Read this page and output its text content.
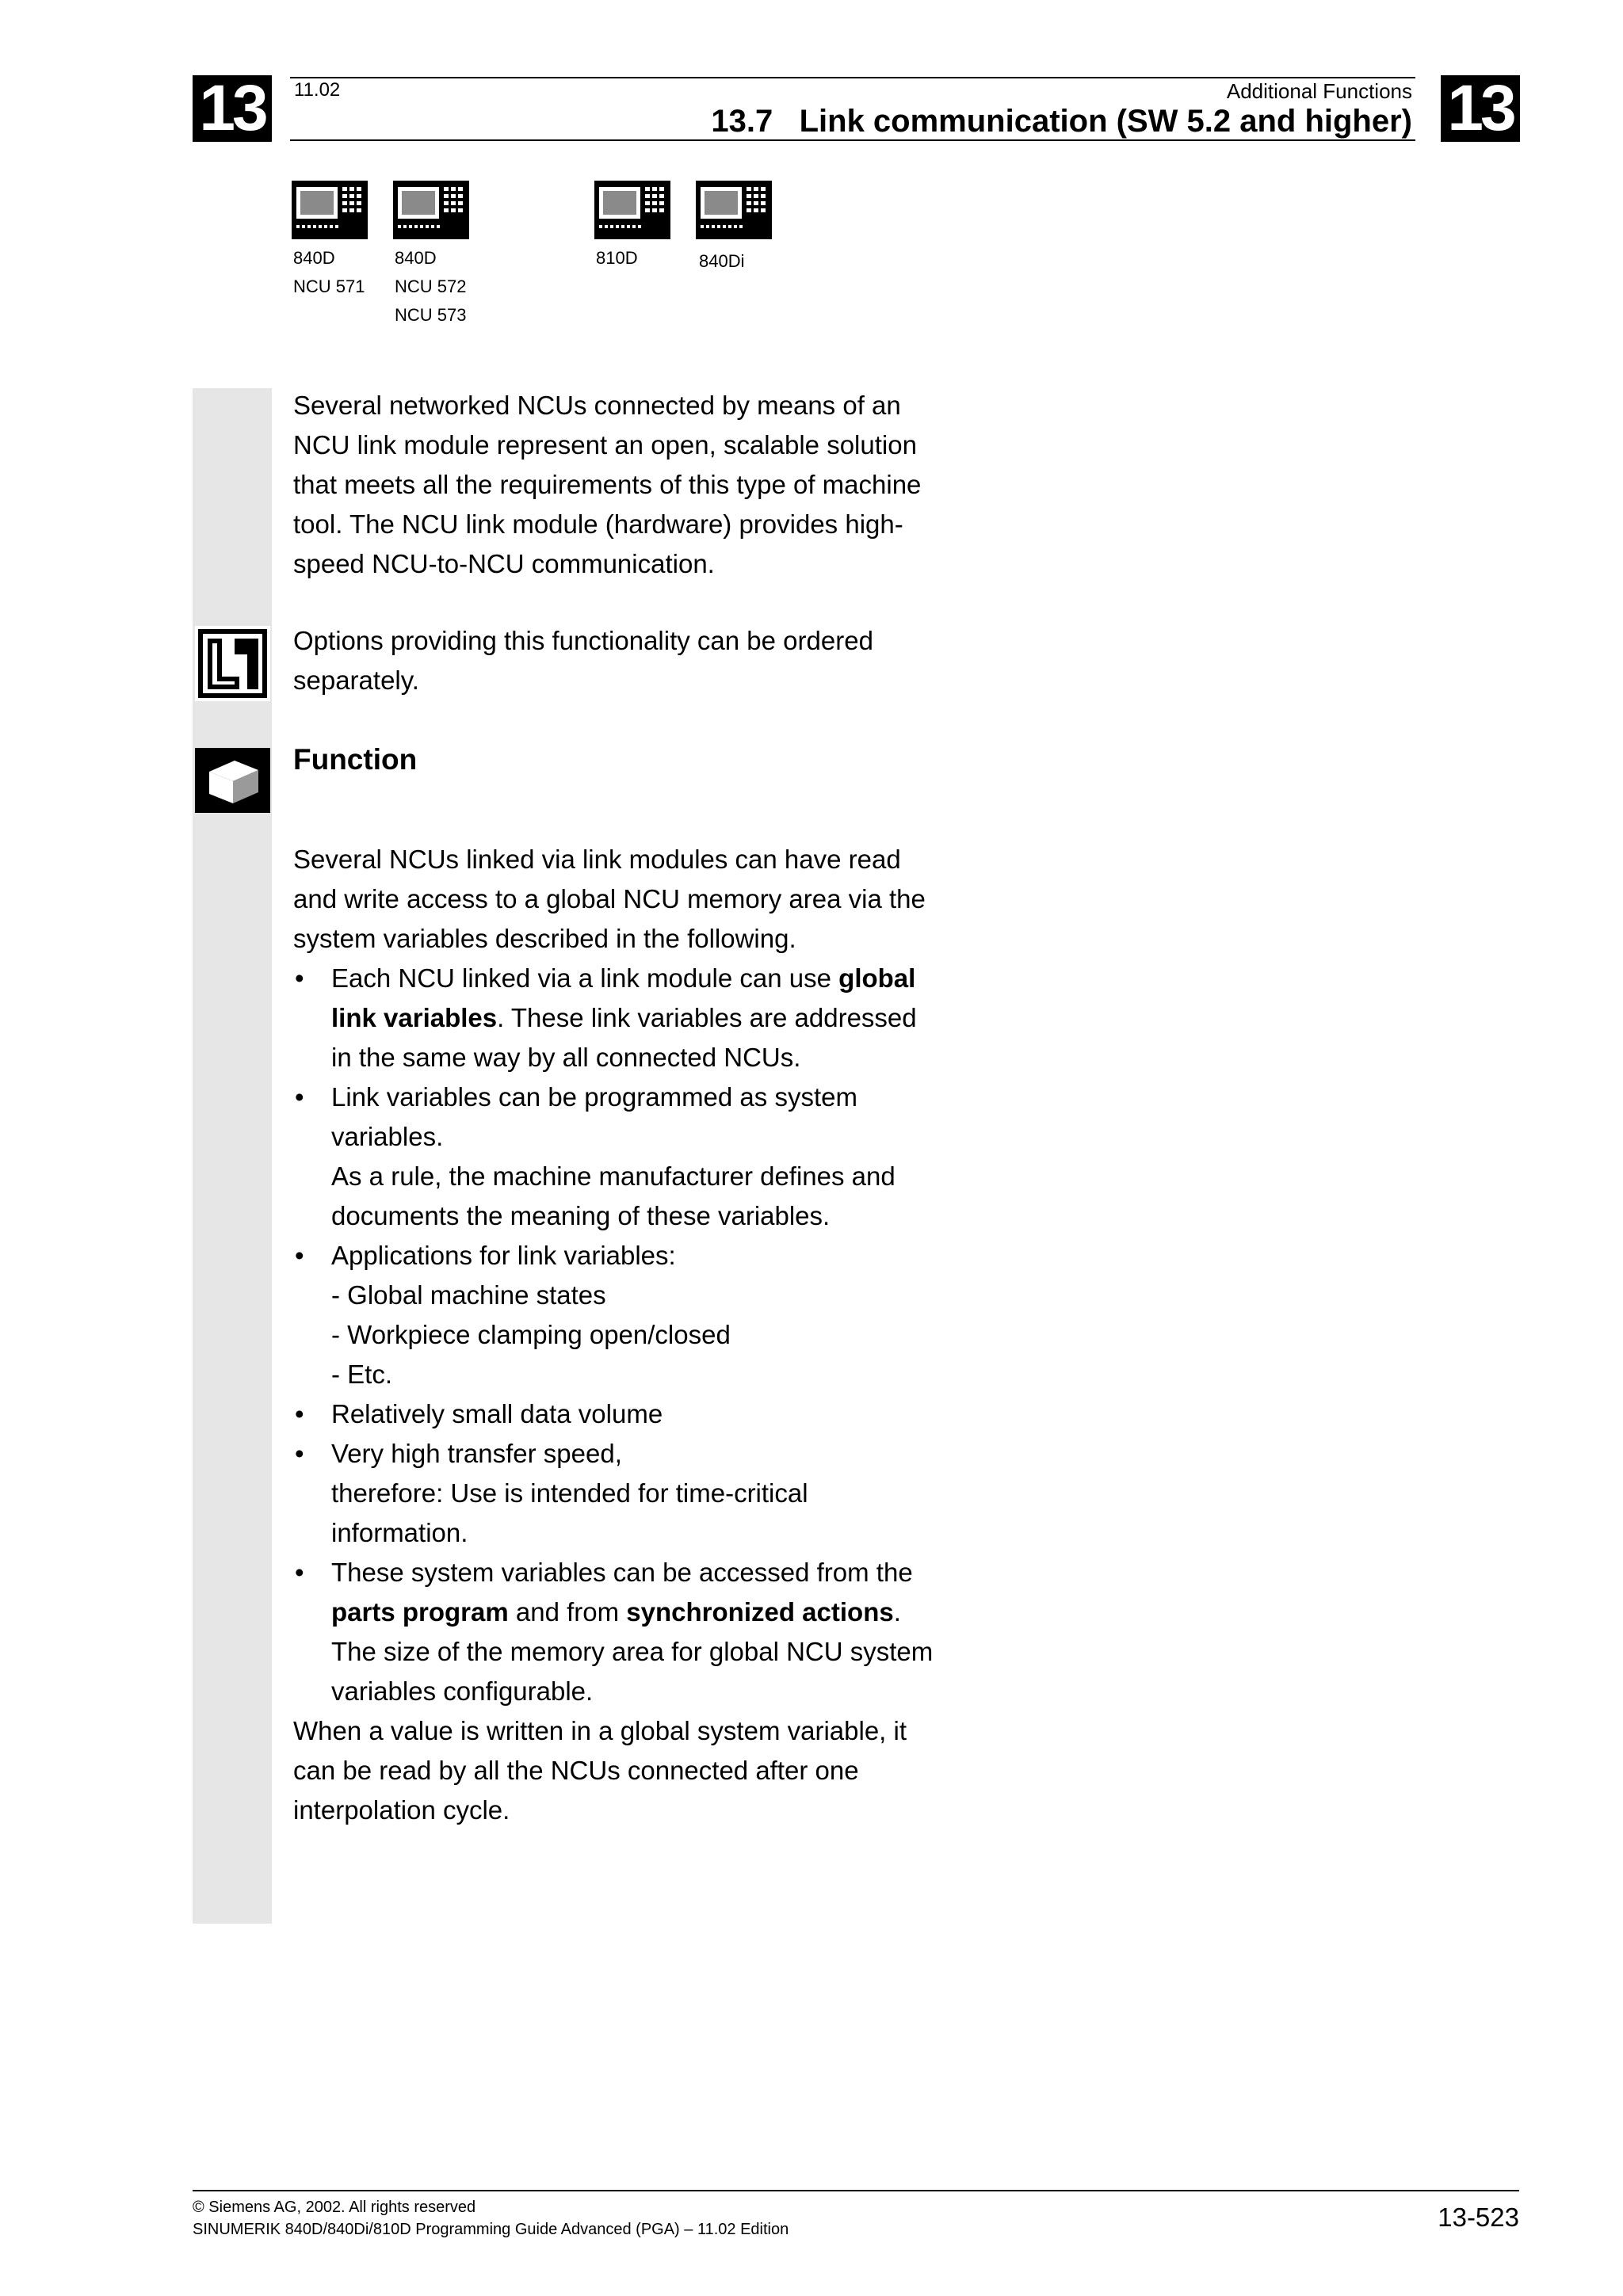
13	13
11.02	Additional Functions
13.7 Link communication (SW 5.2 and higher)
840D
NCU 571
840D
NCU 572
NCU 573
810D	840Di

Several networked NCUs connected by means of an NCU link module represent an open, scalable solution that meets all the requirements of this type of machine tool. The NCU link module (hardware) provides high-speed NCU-to-NCU communication.

Options providing this functionality can be ordered separately.

Function

Several NCUs linked via link modules can have read and write access to a global NCU memory area via the system variables described in the following.

• Each NCU linked via a link module can use global link variables. These link variables are addressed in the same way by all connected NCUs.
• Link variables can be programmed as system variables.
As a rule, the machine manufacturer defines and documents the meaning of these variables.
• Applications for link variables:
- Global machine states
- Workpiece clamping open/closed
- Etc.
• Relatively small data volume
• Very high transfer speed,
therefore: Use is intended for time-critical information.
• These system variables can be accessed from the parts program and from synchronized actions. The size of the memory area for global NCU system variables configurable.

When a value is written in a global system variable, it can be read by all the NCUs connected after one interpolation cycle.

© Siemens AG, 2002. All rights reserved
SINUMERIK 840D/840Di/810D Programming Guide Advanced (PGA) – 11.02 Edition	13-523
